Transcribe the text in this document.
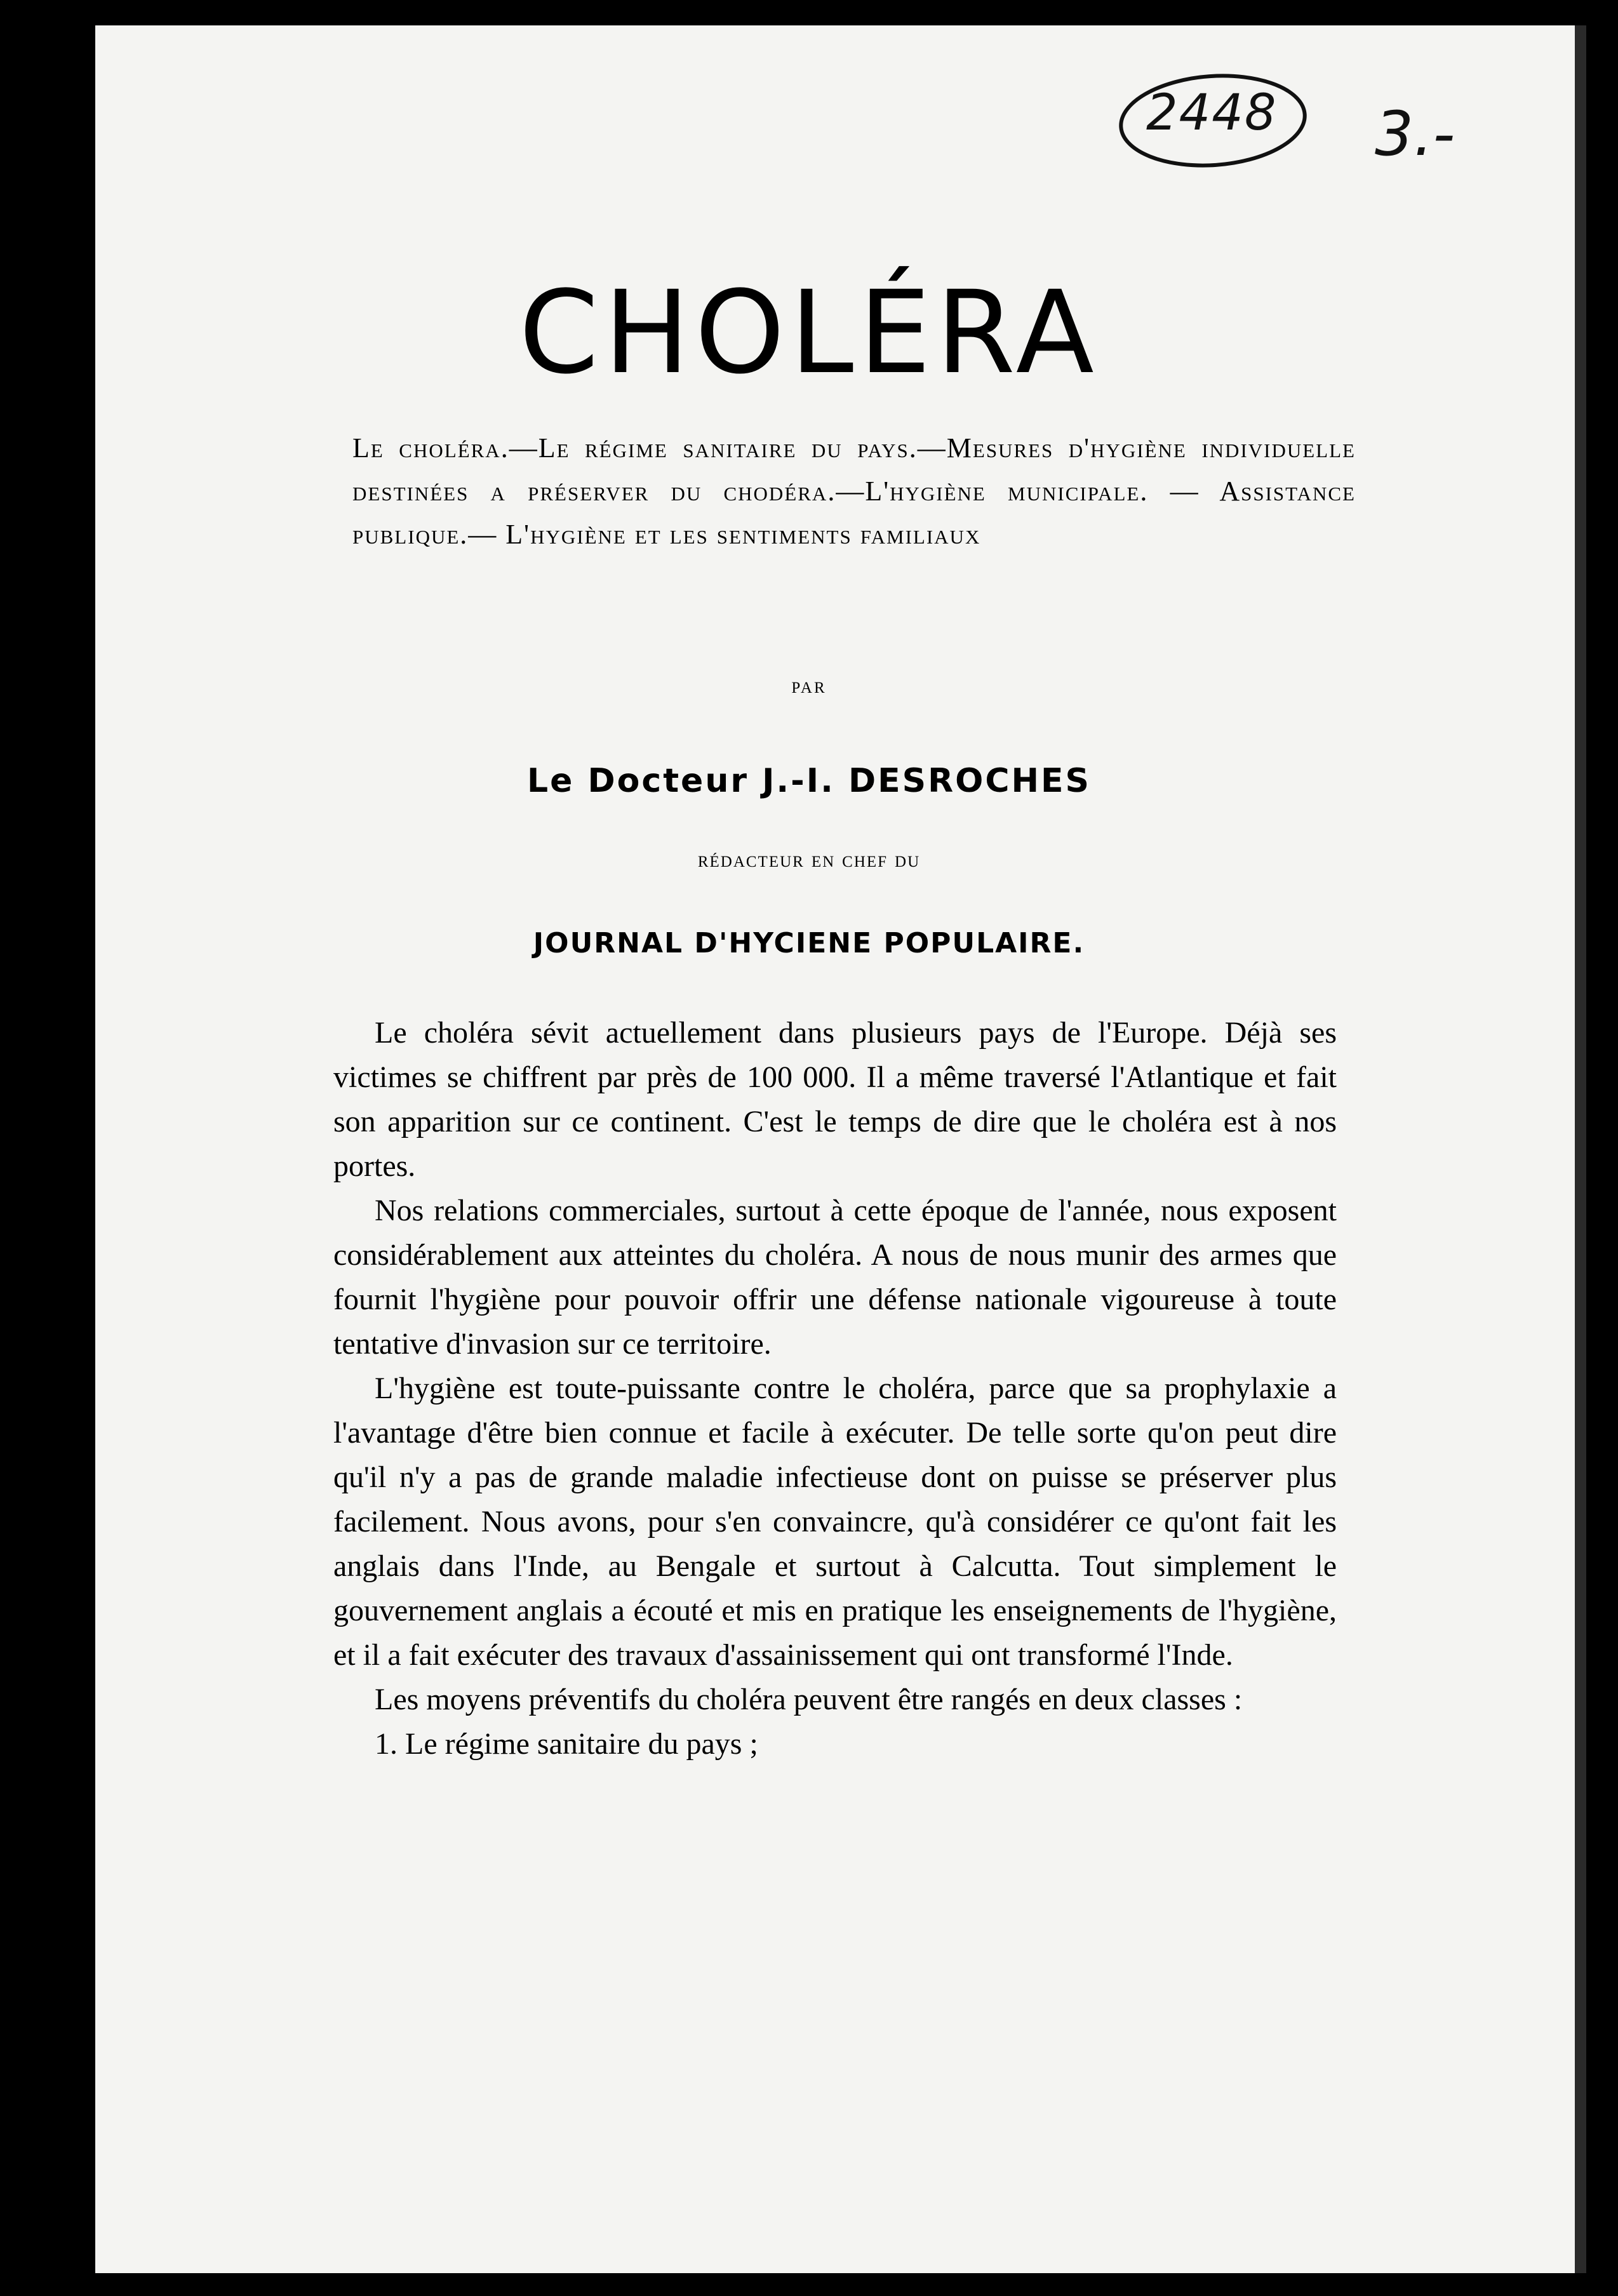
2448 3.-
CHOLÉRA

Le choléra.—Le régime sanitaire du pays.—Mesures d'hygiène individuelle destinées a préserver du chodéra.—L'hygiène municipale. — Assistance publique.— L'hygiène et les sentiments familiaux

par
Le Docteur J.-I. DESROCHES
rédacteur en chef du
JOURNAL D'HYCIENE POPULAIRE.

Le choléra sévit actuellement dans plusieurs pays de l'Europe. Déjà ses victimes se chiffrent par près de 100 000. Il a même traversé l'Atlantique et fait son apparition sur ce continent. C'est le temps de dire que le choléra est à nos portes.

Nos relations commerciales, surtout à cette époque de l'année, nous exposent considérablement aux atteintes du choléra. A nous de nous munir des armes que fournit l'hygiène pour pouvoir offrir une défense nationale vigoureuse à toute tentative d'invasion sur ce territoire.

L'hygiène est toute-puissante contre le choléra, parce que sa prophylaxie a l'avantage d'être bien connue et facile à exécuter. De telle sorte qu'on peut dire qu'il n'y a pas de grande maladie infectieuse dont on puisse se préserver plus facilement. Nous avons, pour s'en convaincre, qu'à considérer ce qu'ont fait les anglais dans l'Inde, au Bengale et surtout à Calcutta. Tout simplement le gouvernement anglais a écouté et mis en pratique les enseignements de l'hygiène, et il a fait exécuter des travaux d'assainissement qui ont transformé l'Inde.

Les moyens préventifs du choléra peuvent être rangés en deux classes :

1. Le régime sanitaire du pays ;
